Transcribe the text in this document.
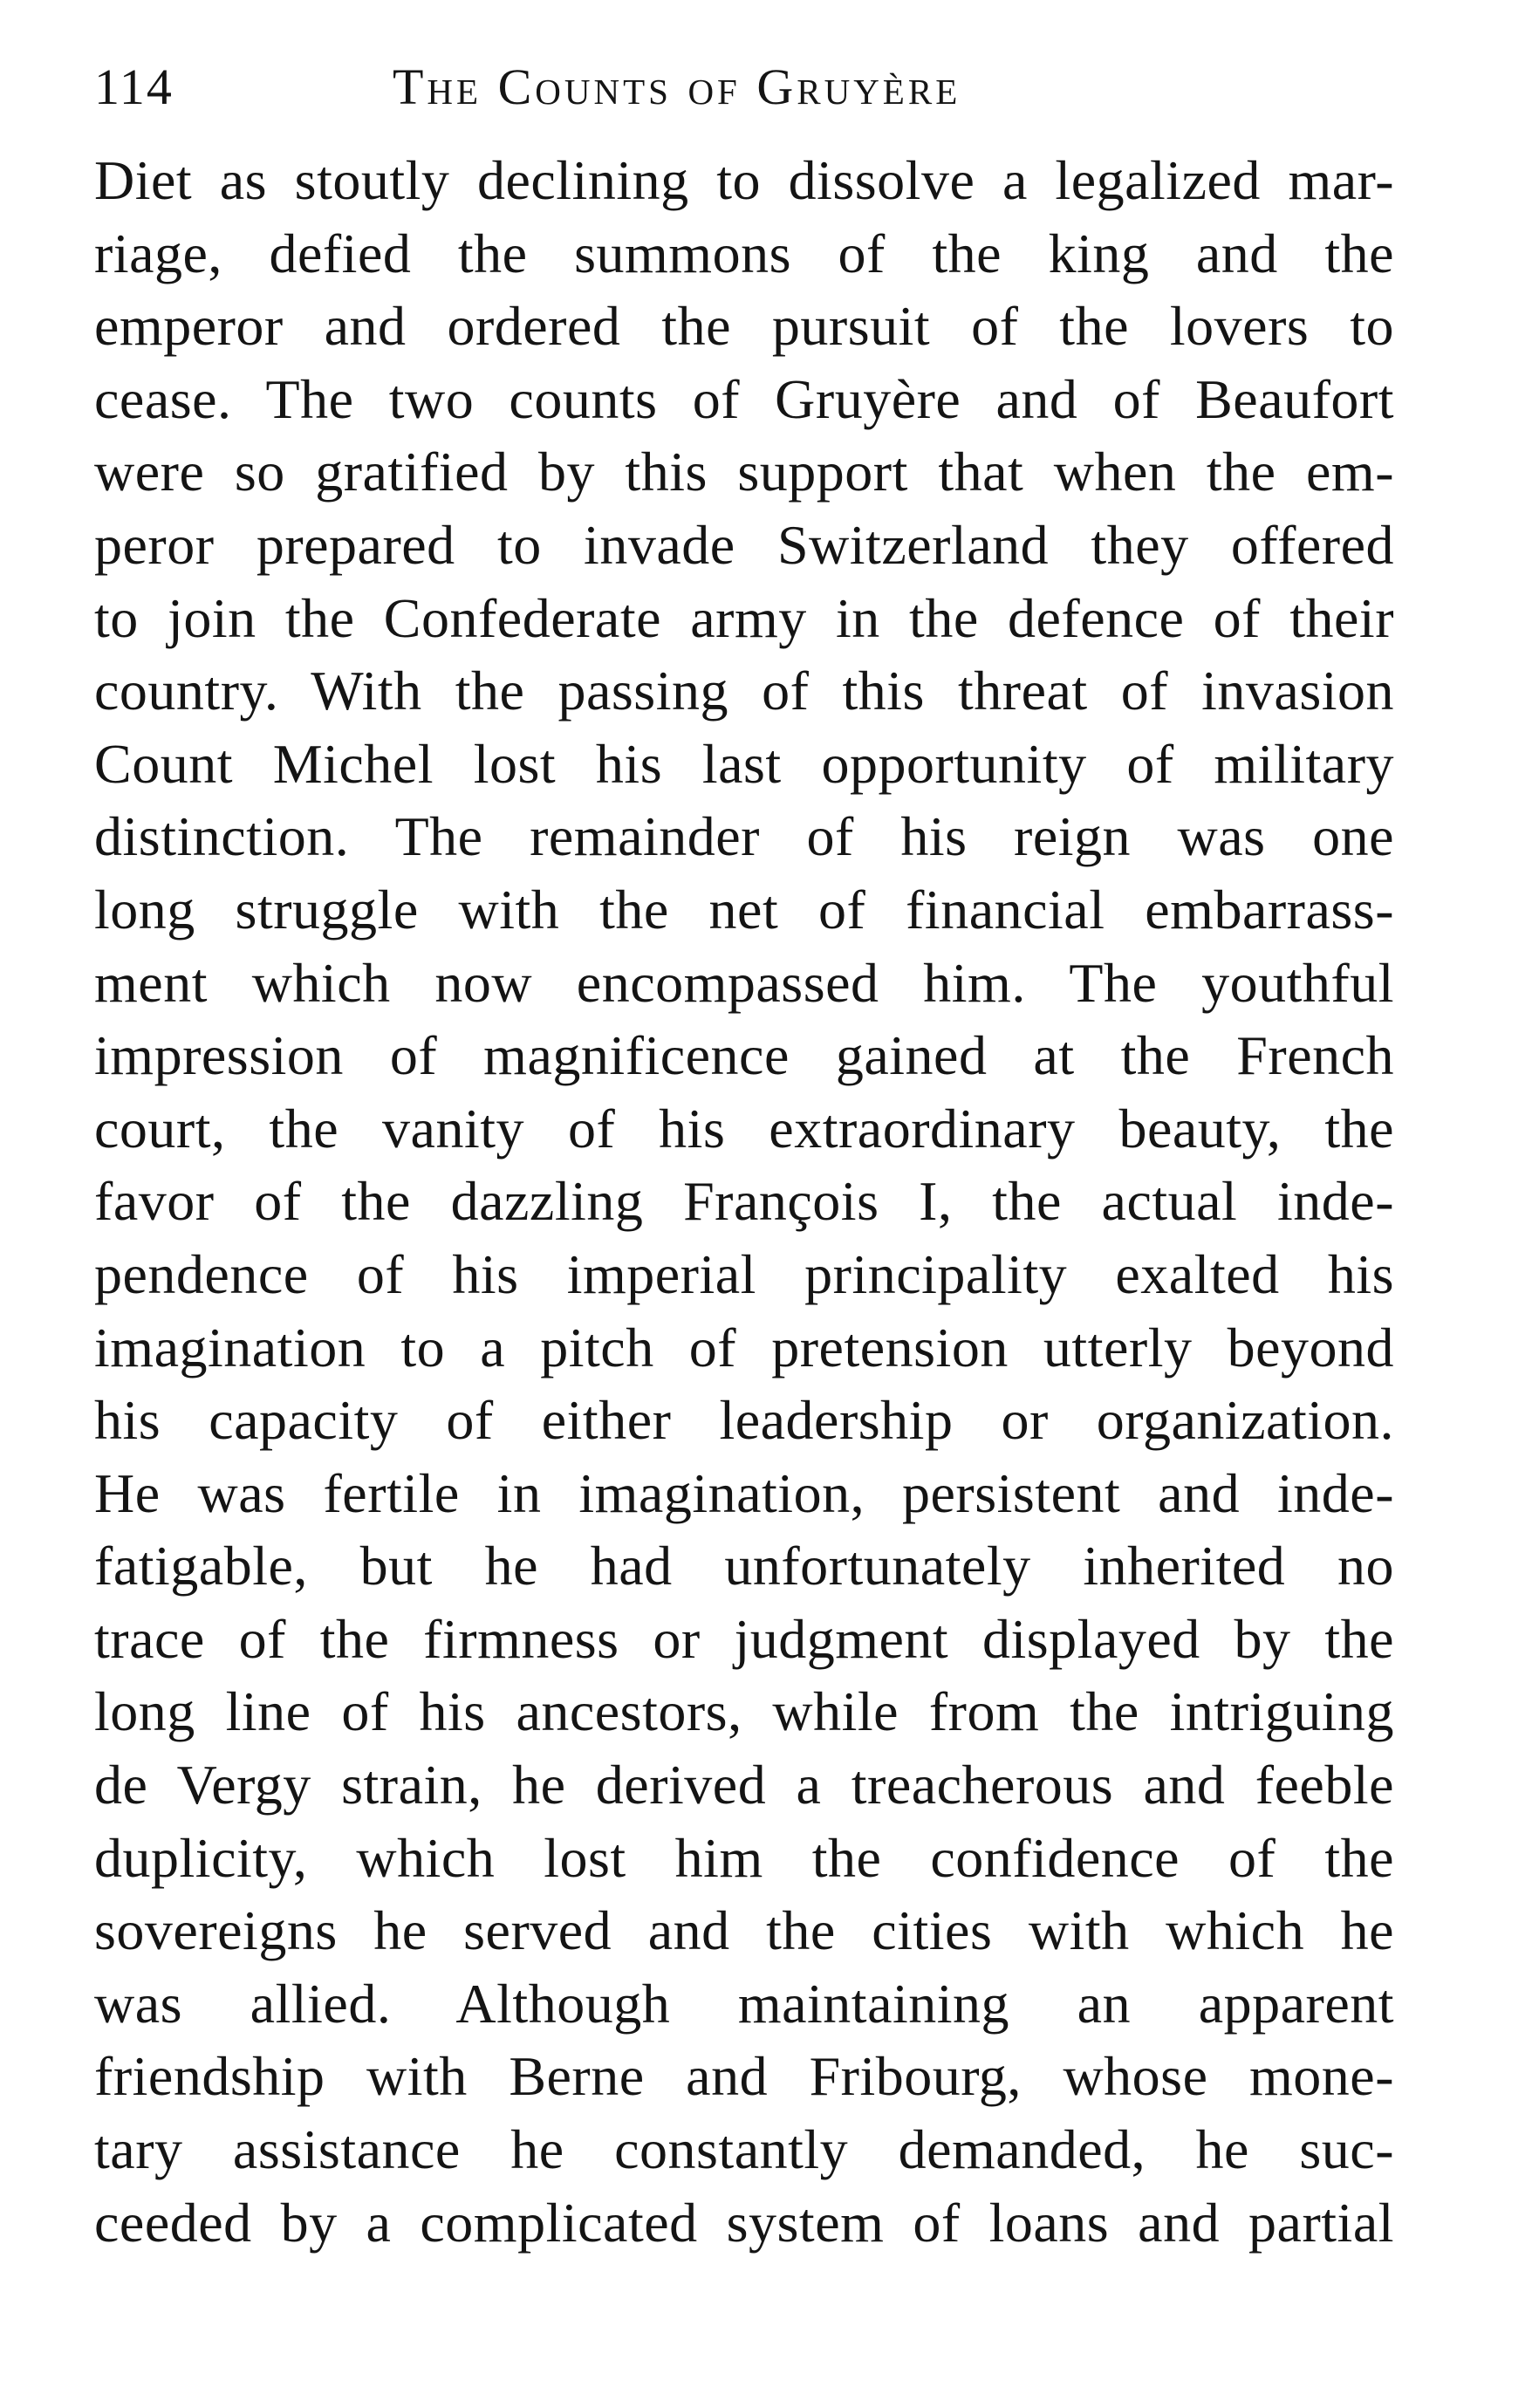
114	The Counts of Gruyère
Diet as stoutly declining to dissolve a legalized mar-
riage, defied the summons of the king and the
emperor and ordered the pursuit of the lovers to
cease. The two counts of Gruyère and of Beaufort
were so gratified by this support that when the em-
peror prepared to invade Switzerland they offered
to join the Confederate army in the defence of their
country. With the passing of this threat of invasion
Count Michel lost his last opportunity of military
distinction. The remainder of his reign was one
long struggle with the net of financial embarrass-
ment which now encompassed him. The youthful
impression of magnificence gained at the French
court, the vanity of his extraordinary beauty, the
favor of the dazzling François I, the actual inde-
pendence of his imperial principality exalted his
imagination to a pitch of pretension utterly beyond
his capacity of either leadership or organization.
He was fertile in imagination, persistent and inde-
fatigable, but he had unfortunately inherited no
trace of the firmness or judgment displayed by the
long line of his ancestors, while from the intriguing
de Vergy strain, he derived a treacherous and feeble
duplicity, which lost him the confidence of the
sovereigns he served and the cities with which he
was allied. Although maintaining an apparent
friendship with Berne and Fribourg, whose mone-
tary assistance he constantly demanded, he suc-
ceeded by a complicated system of loans and partial
